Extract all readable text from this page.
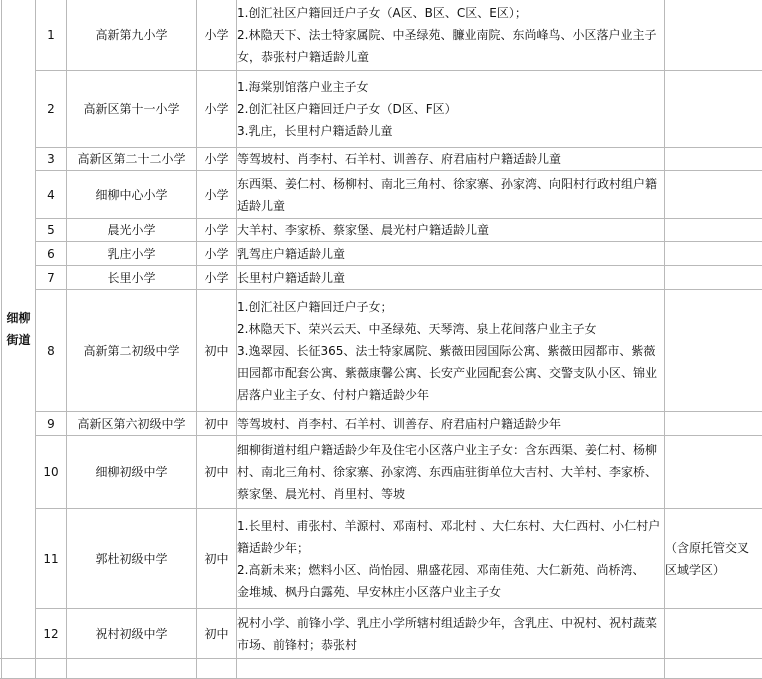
	细柳街道	1	高新第九小学	小学	1.创汇社区户籍回迁户子女（A区、B区、C区、E区）；
2.林隐天下、法士特家属院、中圣绿苑、臁业南院、东尚峰鸟、小区落户业主子
女，恭张村户籍适龄儿童	

		2	高新区第十一小学	小学	1.海棠别馆落户业主子女
2.创汇社区户籍回迁户子女（D区、F区）
3.乳庄，长里村户籍适龄儿童	

		3	高新区第二十二小学	小学	等驾坡村、肖李村、石羊村、训善存、府君庙村户籍适龄儿童	

		4	细柳中心小学	小学	东西渠、姜仁村、杨柳村、南北三角村、徐家寨、孙家湾、向阳村行政村组户籍
适龄儿童	

		5	晨光小学	小学	大羊村、李家桥、蔡家堡、晨光村户籍适龄儿童	

		6	乳庄小学	小学	乳驾庄户籍适龄儿童	

		7	长里小学	小学	长里村户籍适龄儿童	

		8	高新第二初级中学	初中	1.创汇社区户籍回迁户子女；
2.林隐天下、荣兴云天、中圣绿苑、天琴湾、泉上花间落户业主子女
3.逸翠园、长征365、法士特家属院、紫薇田园国际公寓、紫薇田园都市、紫薇
田园都市配套公寓、紫薇康馨公寓、长安产业园配套公寓、交警支队小区、锦业
居落户业主子女、付村户籍适龄少年	

		9	高新区第六初级中学	初中	等驾坡村、肖李村、石羊村、训善存、府君庙村户籍适龄少年	

		10	细柳初级中学	初中	细柳街道村组户籍适龄少年及住宅小区落户业主子女：含东西渠、姜仁村、杨柳
村、南北三角村、徐家寨、孙家湾、东西庙驻街单位大吉村、大羊村、李家桥、
蔡家堡、晨光村、肖里村、等坡	

		11	郭杜初级中学	初中	1.长里村、甫张村、羊源村、邓南村、邓北村 、大仁东村、大仁西村、小仁村户
籍适龄少年；
2.高新未来；燃料小区、尚怡园、鼎盛花园、邓南佳苑、大仁新苑、尚桥湾、
金堆城、枫丹白露苑、早安林庄小区落户业主子女	（含原托管交叉
区域学区）

		12	祝村初级中学	初中	祝村小学、前锋小学、乳庄小学所辖村组适龄少年，含乳庄、中祝村、祝村蔬菜
市场、前锋村；恭张村	
